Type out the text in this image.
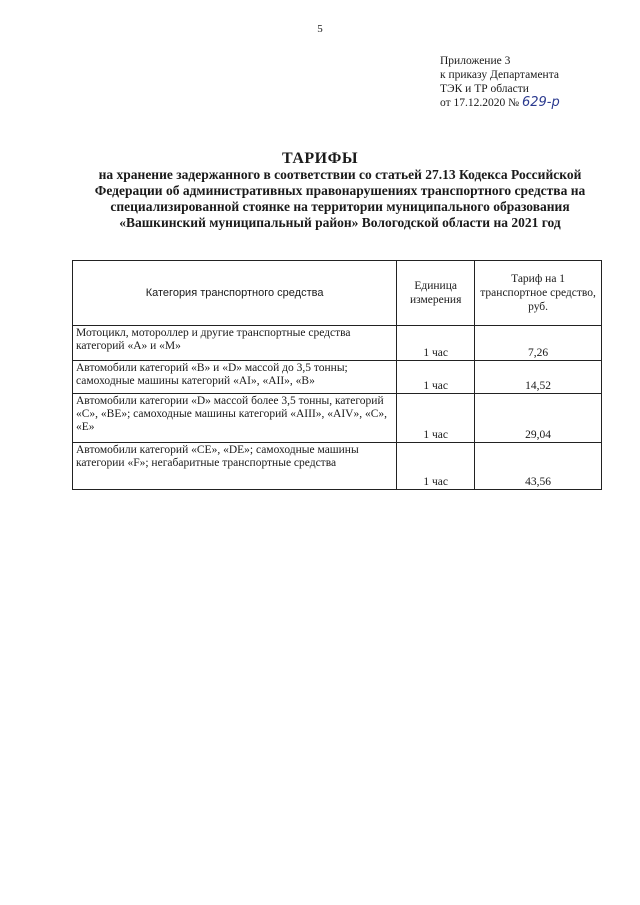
5
Приложение 3
к приказу Департамента
ТЭК и ТР области
от 17.12.2020 № 629-р
ТАРИФЫ
на хранение задержанного в соответствии со статьей 27.13 Кодекса Российской Федерации об административных правонарушениях транспортного средства на специализированной стоянке на территории муниципального образования «Вашкинский муниципальный район» Вологодской области на 2021 год
Категория транспортного средства	Единица измерения	Тариф на 1 транспортное средство, руб.
Мотоцикл, мотороллер и другие транспортные средства категорий «A» и «M»	1 час	7,26
Автомобили категорий «B» и «D» массой до 3,5 тонны; самоходные машины категорий «AI», «AII», «B»	1 час	14,52
Автомобили категории «D» массой более 3,5 тонны, категорий «C», «BE»; самоходные машины категорий «AIII», «AIV», «C», «E»	1 час	29,04
Автомобили категорий «CE», «DE»; самоходные машины категории «F»; негабаритные транспортные средства	1 час	43,56
